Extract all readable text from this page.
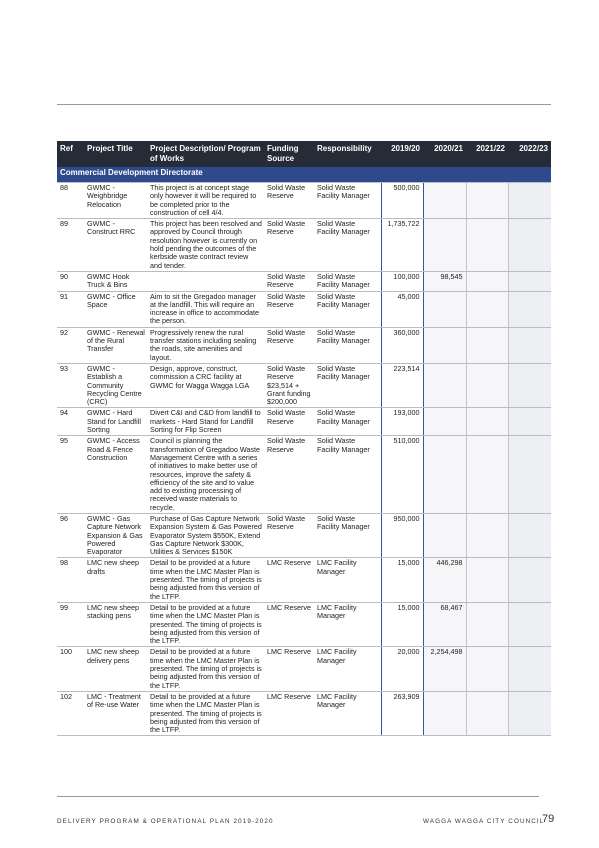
Ref	Project Title	Project Description/ Program of Works	Funding Source	Responsibility	2019/20	2020/21	2021/22	2022/23
Commercial Development Directorate								
88	GWMC - Weighbridge Relocation	This project is at concept stage only however it will be required to be completed prior to the construction of cell 4/4.	Solid Waste Reserve	Solid Waste Facility Manager	500,000			
89	GWMC - Construct RRC	This project has been resolved and approved by Council through resolution however is currently on hold pending the outcomes of the kerbside waste contract review and tender.	Solid Waste Reserve	Solid Waste Facility Manager	1,735,722			
90	GWMC Hook Truck & Bins		Solid Waste Reserve	Solid Waste Facility Manager	100,000	98,545		
91	GWMC - Office Space	Aim to sit the Gregadoo manager at the landfill. This will require an increase in office to accommodate the person.	Solid Waste Reserve	Solid Waste Facility Manager	45,000			
92	GWMC - Renewal of the Rural Transfer	Progressively renew the rural transfer stations including sealing the roads, site amenities and layout.	Solid Waste Reserve	Solid Waste Facility Manager	360,000			
93	GWMC - Establish a Community Recycling Centre (CRC)	Design, approve, construct, commission a CRC facility at GWMC for Wagga Wagga LGA	Solid Waste Reserve $23,514 + Grant funding $200,000	Solid Waste Facility Manager	223,514			
94	GWMC - Hard Stand for Landfill Sorting	Divert C&I and C&D from landfill to markets - Hard Stand for Landfill Sorting for Flip Screen	Solid Waste Reserve	Solid Waste Facility Manager	193,000			
95	GWMC - Access Road & Fence Construction	Council is planning the transformation of Gregadoo Waste Management Centre with a series of initiatives to make better use of resources, improve the safety & efficiency of the site and to value add to existing processing of received waste materials to recycle.	Solid Waste Reserve	Solid Waste Facility Manager	510,000			
96	GWMC - Gas Capture Network Expansion & Gas Powered Evaporator	Purchase of Gas Capture Network Expansion System & Gas Powered Evaporator System $550K, Extend Gas Capture Network $300K, Utilities & Services $150K	Solid Waste Reserve	Solid Waste Facility Manager	950,000			
98	LMC new sheep drafts	Detail to be provided at a future time when the LMC Master Plan is presented. The timing of projects is being adjusted from this version of the LTFP.	LMC Reserve	LMC Facility Manager	15,000	446,298		
99	LMC new sheep stacking pens	Detail to be provided at a future time when the LMC Master Plan is presented. The timing of projects is being adjusted from this version of the LTFP.	LMC Reserve	LMC Facility Manager	15,000	68,467		
100	LMC new sheep delivery pens	Detail to be provided at a future time when the LMC Master Plan is presented. The timing of projects is being adjusted from this version of the LTFP.	LMC Reserve	LMC Facility Manager	20,000	2,254,498		
102	LMC - Treatment of Re-use Water	Detail to be provided at a future time when the LMC Master Plan is presented. The timing of projects is being adjusted from this version of the LTFP.	LMC Reserve	LMC Facility Manager	263,909			
DELIVERY PROGRAM & OPERATIONAL PLAN 2019-2020	WAGGA WAGGA CITY COUNCIL
79
